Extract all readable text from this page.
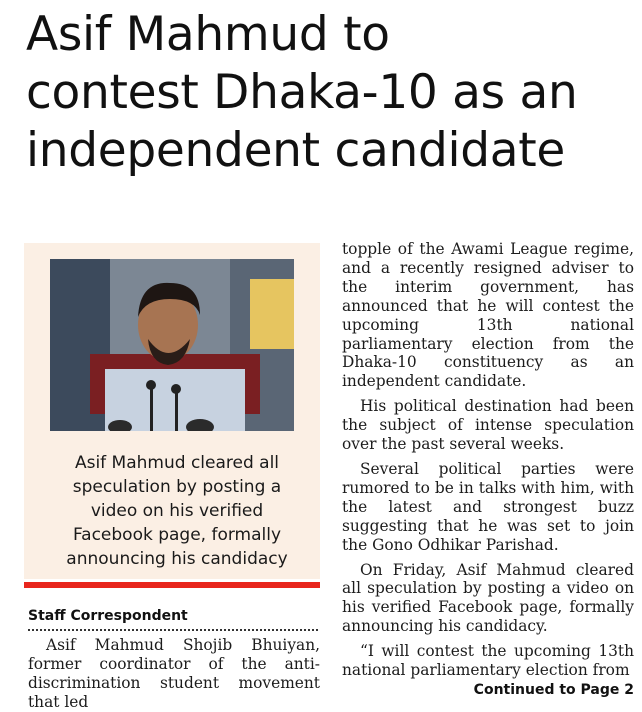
Asif Mahmud to
contest Dhaka-10 as an
independent candidate
Asif Mahmud cleared all speculation by posting a video on his verified Facebook page, formally announcing his candidacy
Staff Correspondent

Asif Mahmud Shojib Bhuiyan, former coordinator of the anti-discrimination student movement that led

topple of the Awami League regime, and a recently resigned adviser to the interim government, has announced that he will contest the upcoming 13th national parliamentary election from the Dhaka-10 constituency as an independent candidate.

His political destination had been the subject of intense speculation over the past several weeks.

Several political parties were rumored to be in talks with him, with the latest and strongest buzz suggesting that he was set to join the Gono Odhikar Parishad.

On Friday, Asif Mahmud cleared all speculation by posting a video on his verified Facebook page, formally announcing his candidacy.

“I will contest the upcoming 13th national parliamentary election from

Continued to Page 2
